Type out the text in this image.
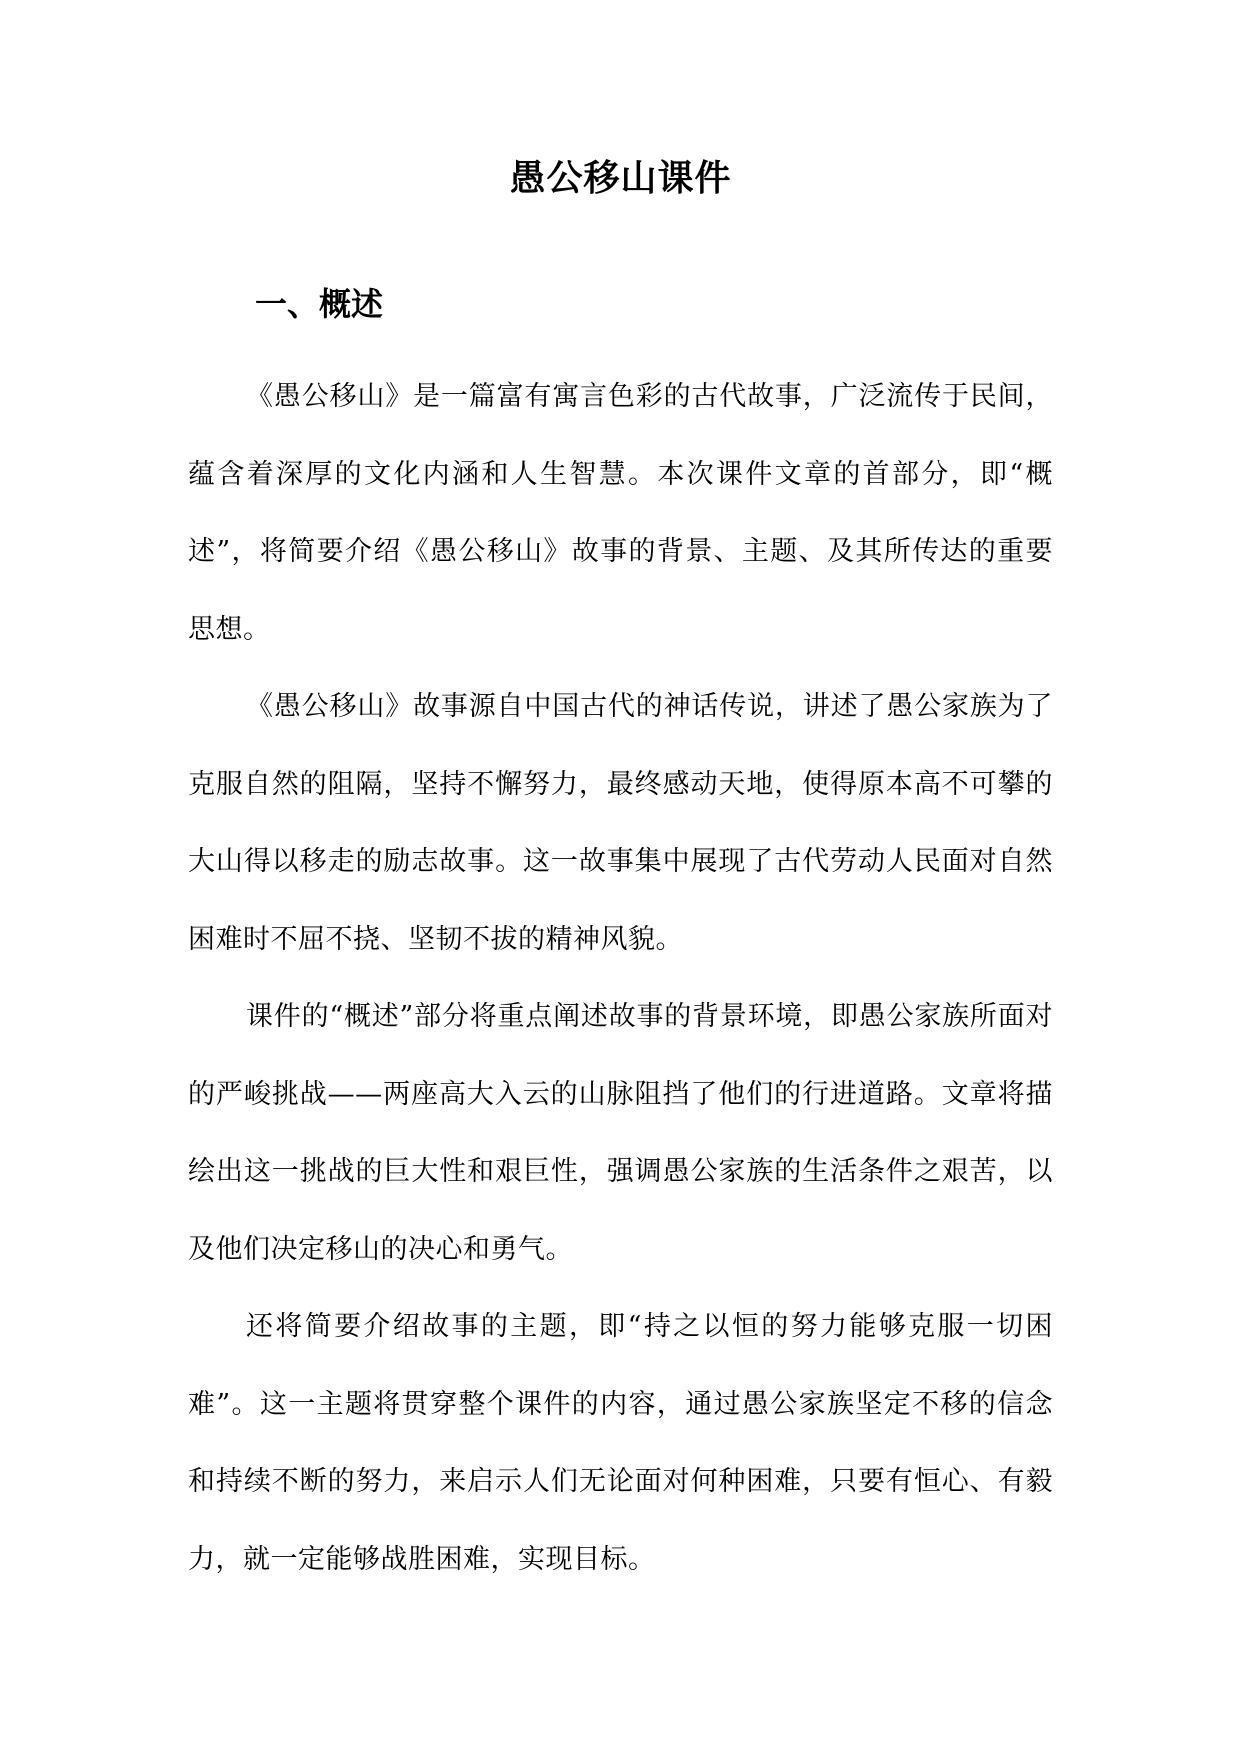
愚公移山课件
一、概述

《愚公移山》是一篇富有寓言色彩的古代故事，广泛流传于民间，蕴含着深厚的文化内涵和人生智慧。本次课件文章的首部分，即“概述”，将简要介绍《愚公移山》故事的背景、主题、及其所传达的重要思想。

《愚公移山》故事源自中国古代的神话传说，讲述了愚公家族为了克服自然的阻隔，坚持不懈努力，最终感动天地，使得原本高不可攀的大山得以移走的励志故事。这一故事集中展现了古代劳动人民面对自然困难时不屈不挠、坚韧不拔的精神风貌。

课件的“概述”部分将重点阐述故事的背景环境，即愚公家族所面对的严峻挑战——两座高大入云的山脉阻挡了他们的行进道路。文章将描绘出这一挑战的巨大性和艰巨性，强调愚公家族的生活条件之艰苦，以及他们决定移山的决心和勇气。

还将简要介绍故事的主题，即“持之以恒的努力能够克服一切困难”。这一主题将贯穿整个课件的内容，通过愚公家族坚定不移的信念和持续不断的努力，来启示人们无论面对何种困难，只要有恒心、有毅力，就一定能够战胜困难，实现目标。
